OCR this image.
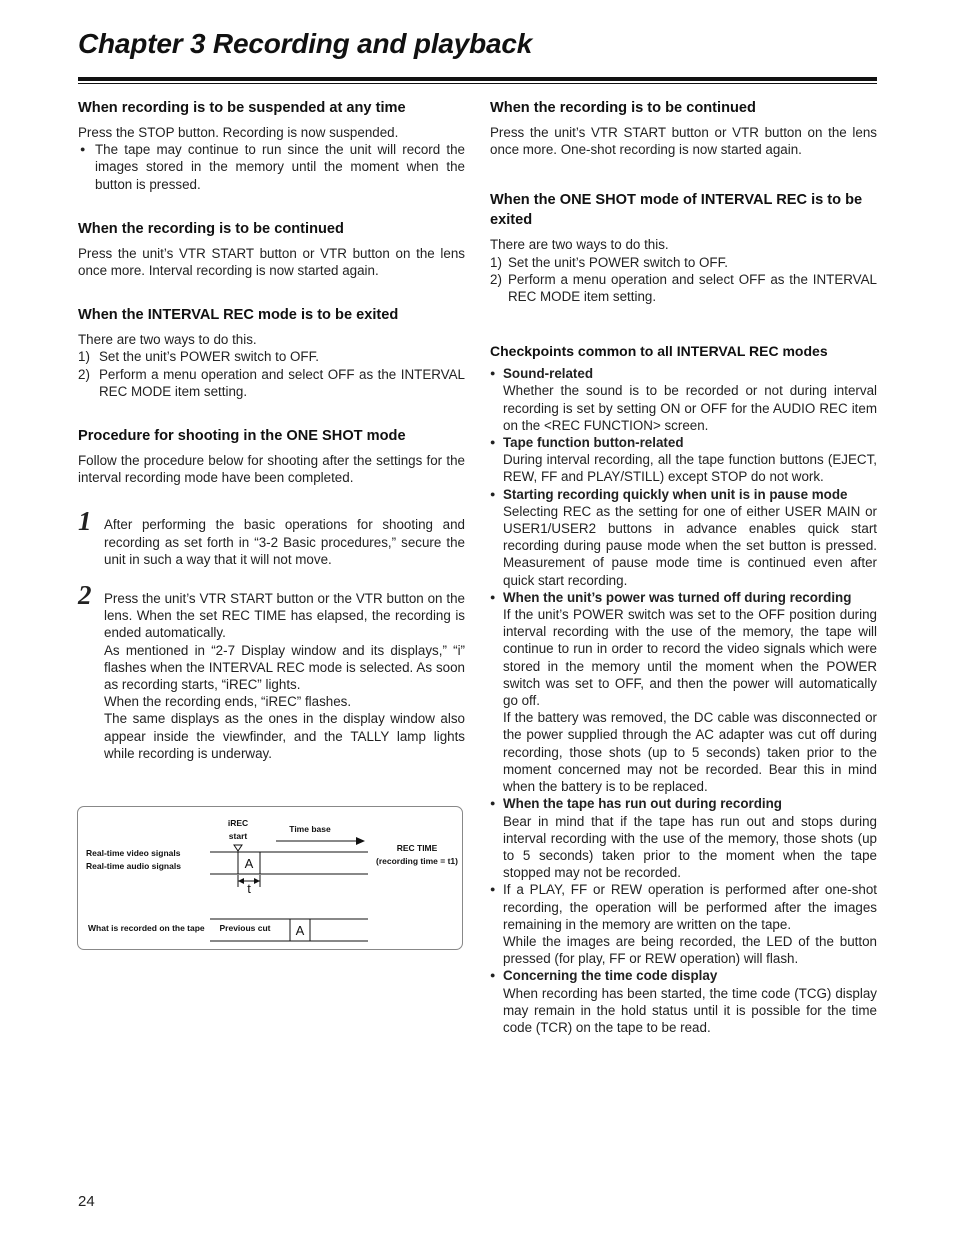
Chapter 3 Recording and playback
When recording is to be suspended at any time

Press the STOP button. Recording is now suspended.

● The tape may continue to run since the unit will record the images stored in the memory until the moment when the button is pressed.

When the recording is to be continued

Press the unit’s VTR START button or VTR button on the lens once more. Interval recording is now started again.

When the INTERVAL REC mode is to be exited

There are two ways to do this.

1) Set the unit’s POWER switch to OFF.

2) Perform a menu operation and select OFF as the INTERVAL REC MODE item setting.

Procedure for shooting in the ONE SHOT mode

Follow the procedure below for shooting after the settings for the interval recording mode have been completed.

1 After performing the basic operations for shooting and recording as set forth in “3-2 Basic procedures,” secure the unit in such a way that it will not move.

2 Press the unit’s VTR START button or the VTR button on the lens. When the set REC TIME has elapsed, the recording is ended automatically.

As mentioned in “2-7 Display window and its displays,” “i” flashes when the INTERVAL REC mode is selected. As soon as recording starts, “iREC” lights.

When the recording ends, “iREC” flashes.

The same displays as the ones in the display window also appear inside the viewfinder, and the TALLY lamp lights while recording is underway.

iREC
start
Time base
Real-time video signals
Real-time audio signals	A
REC TIME
(recording time = t1)
t
What is recorded on the tape Previous cut A
When the recording is to be continued

Press the unit’s VTR START button or VTR button on the lens once more. One-shot recording is now started again.

When the ONE SHOT mode of INTERVAL REC is to be exited

There are two ways to do this.

1) Set the unit’s POWER switch to OFF.

2) Perform a menu operation and select OFF as the INTERVAL REC MODE item setting.

Checkpoints common to all INTERVAL REC modes

● Sound-related

Whether the sound is to be recorded or not during interval recording is set by setting ON or OFF for the AUDIO REC item on the <REC FUNCTION> screen.

● Tape function button-related

During interval recording, all the tape function buttons (EJECT, REW, FF and PLAY/STILL) except STOP do not work.

● Starting recording quickly when unit is in pause mode

Selecting REC as the setting for one of either USER MAIN or USER1/USER2 buttons in advance enables quick start recording during pause mode when the set button is pressed. Measurement of pause mode time is continued even after quick start recording.

● When the unit’s power was turned off during recording

If the unit’s POWER switch was set to the OFF position during interval recording with the use of the memory, the tape will continue to run in order to record the video signals which were stored in the memory until the moment when the POWER switch was set to OFF, and then the power will automatically go off.

If the battery was removed, the DC cable was disconnected or the power supplied through the AC adapter was cut off during recording, those shots (up to 5 seconds) taken prior to the moment concerned may not be recorded. Bear this in mind when the battery is to be replaced.

● When the tape has run out during recording

Bear in mind that if the tape has run out and stops during interval recording with the use of the memory, those shots (up to 5 seconds) taken prior to the moment when the tape stopped may not be recorded.

● If a PLAY, FF or REW operation is performed after one-shot recording, the operation will be performed after the images remaining in the memory are written on the tape.

While the images are being recorded, the LED of the button pressed (for play, FF or REW operation) will flash.

● Concerning the time code display

When recording has been started, the time code (TCG) display may remain in the hold status until it is possible for the time code (TCR) on the tape to be read.

24
